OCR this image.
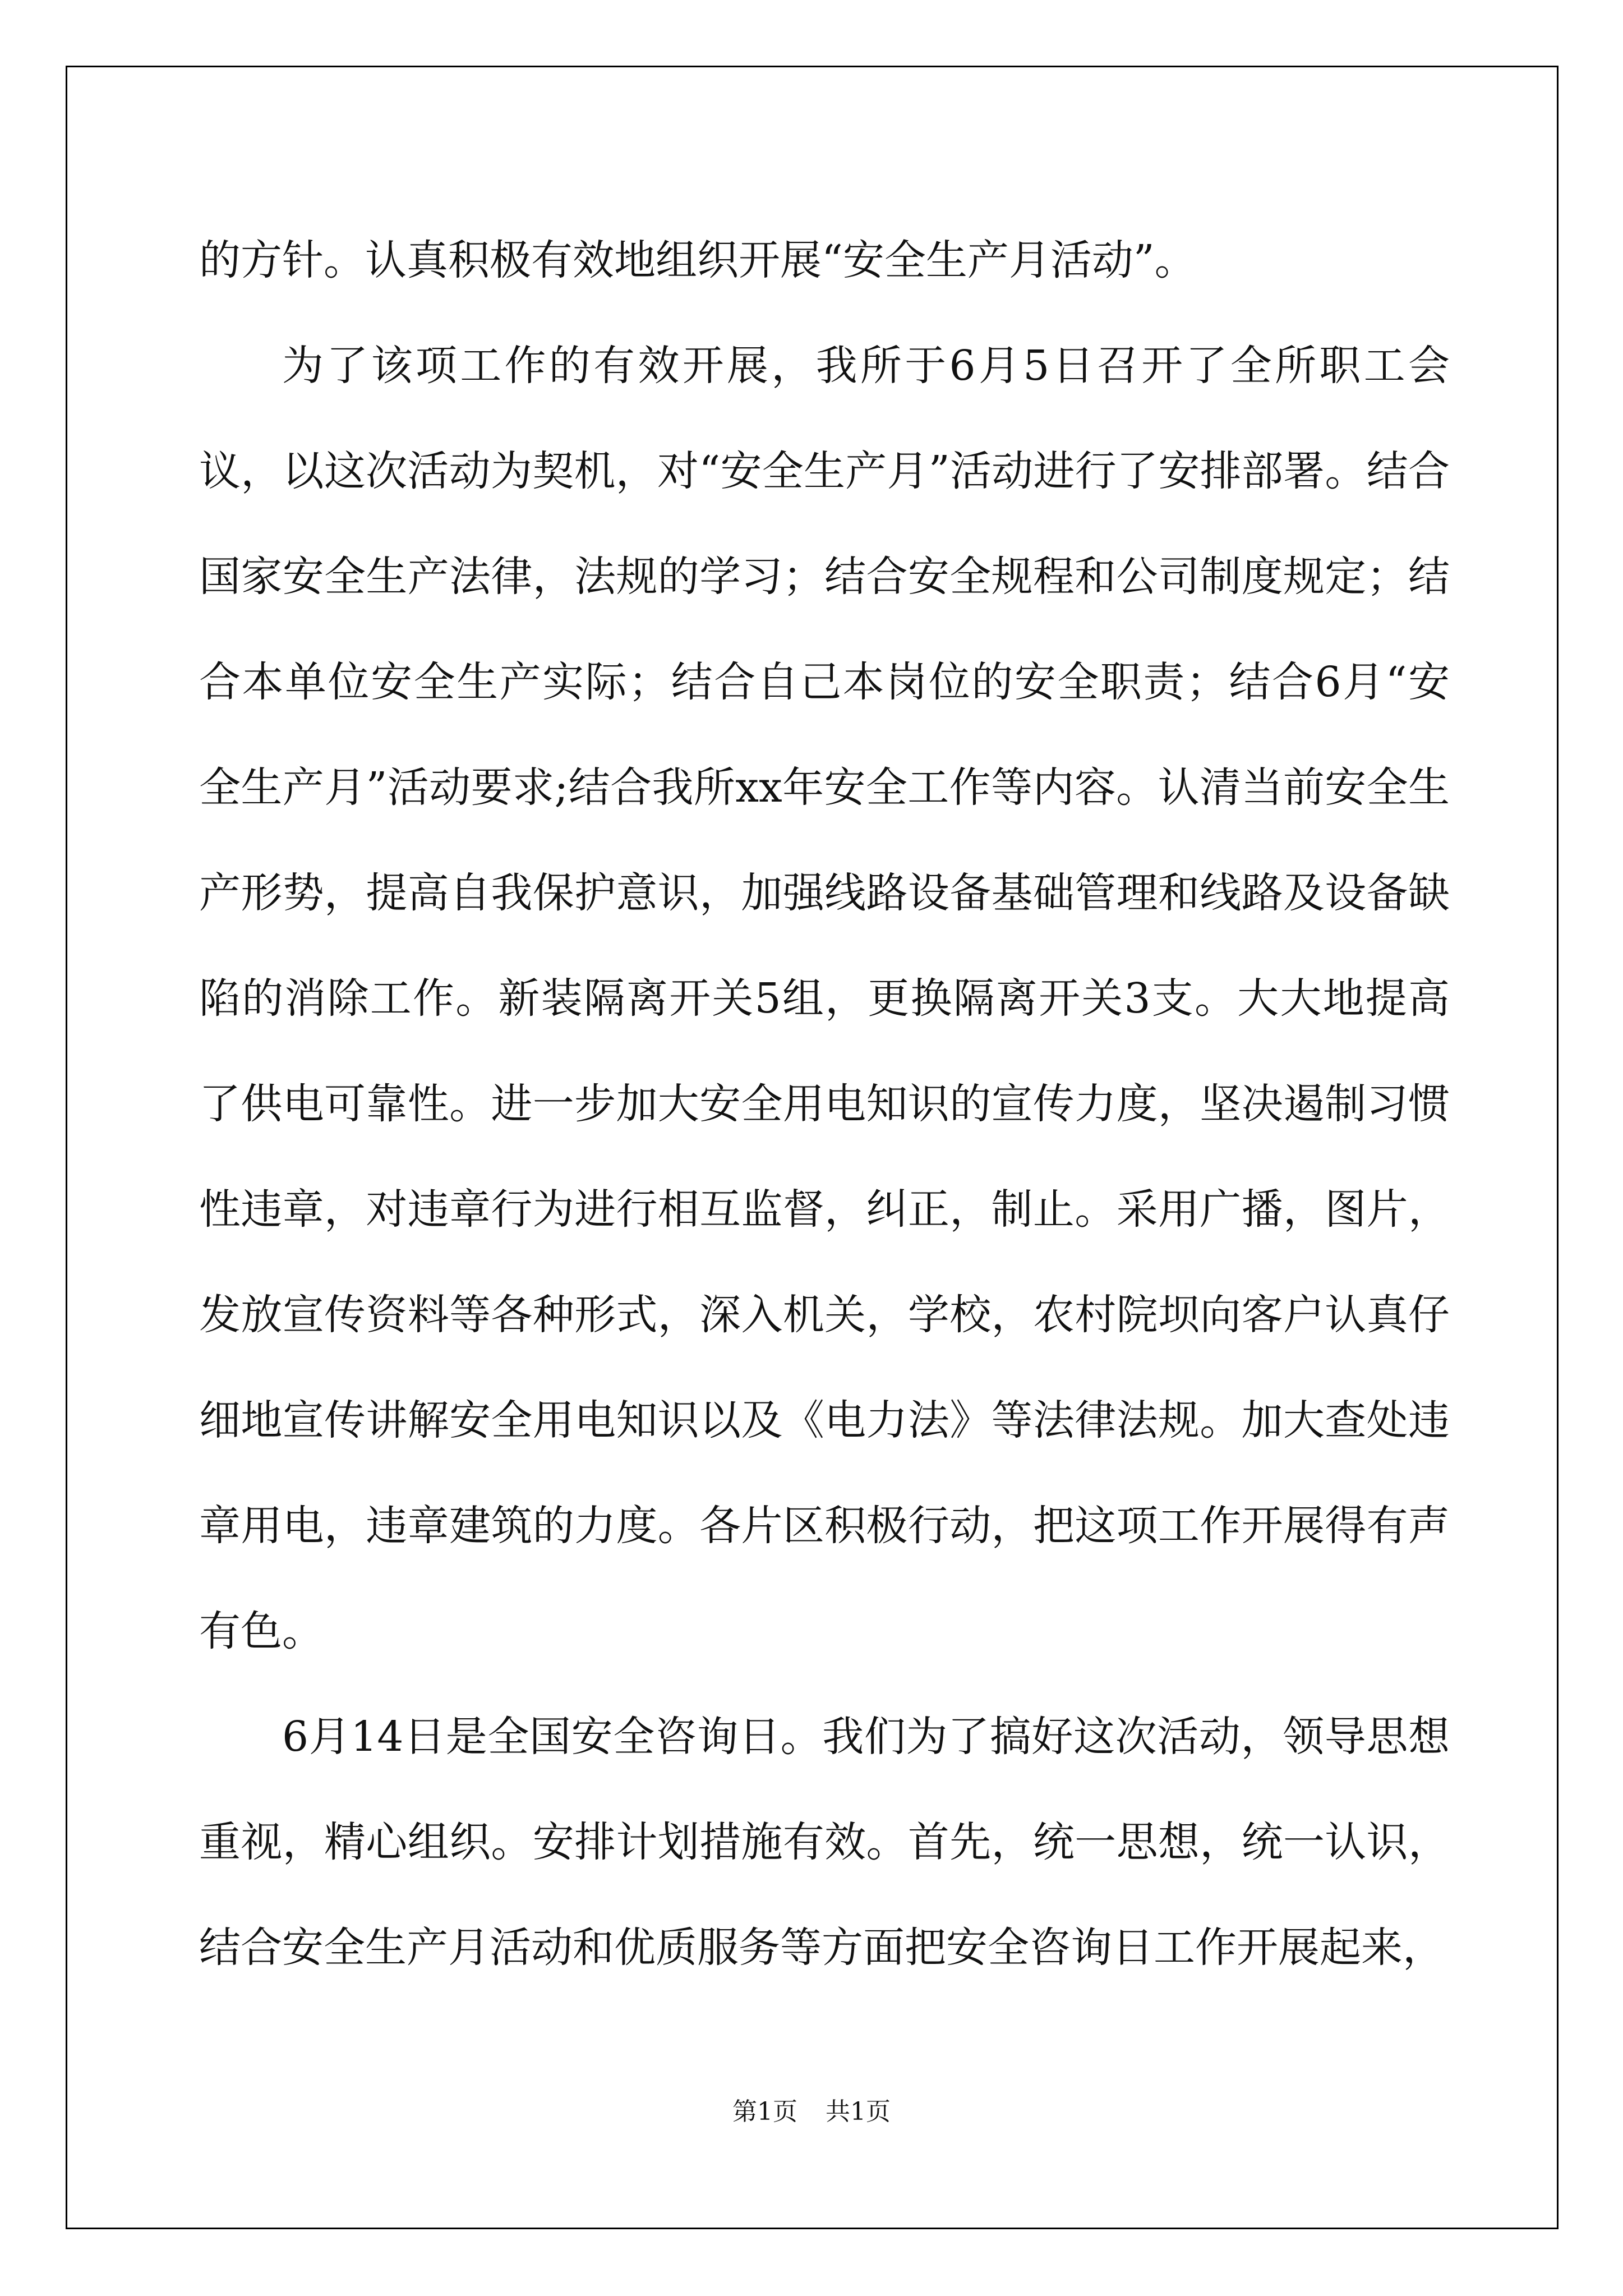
的方针。认真积极有效地组织开展“安全生产月活动”。

为了该项工作的有效开展，我所于6月5日召开了全所职工会议，以这次活动为契机，对“安全生产月”活动进行了安排部署。结合国家安全生产法律，法规的学习；结合安全规程和公司制度规定；结合本单位安全生产实际；结合自己本岗位的安全职责；结合6月“安全生产月”活动要求;结合我所xx年安全工作等内容。认清当前安全生产形势，提高自我保护意识，加强线路设备基础管理和线路及设备缺陷的消除工作。新装隔离开关5组，更换隔离开关3支。大大地提高了供电可靠性。进一步加大安全用电知识的宣传力度，坚决遏制习惯性违章，对违章行为进行相互监督，纠正，制止。采用广播，图片，发放宣传资料等各种形式，深入机关，学校，农村院坝向客户认真仔细地宣传讲解安全用电知识以及《电力法》等法律法规。加大查处违章用电，违章建筑的力度。各片区积极行动，把这项工作开展得有声有色。

6月14日是全国安全咨询日。我们为了搞好这次活动，领导思想重视，精心组织。安排计划措施有效。首先，统一思想，统一认识，结合安全生产月活动和优质服务等方面把安全咨询日工作开展起来，

第1页 共1页
